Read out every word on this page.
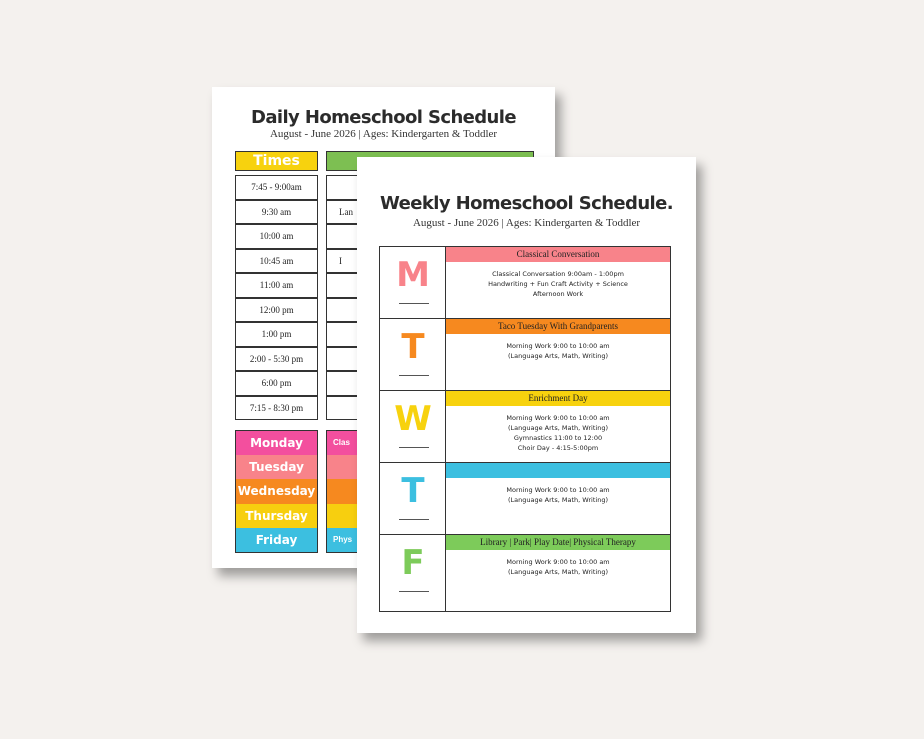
Daily Homeschool Schedule
August - June 2026 | Ages: Kindergarten & Toddler
Times
7:45 - 9:00am
9:30 am
10:00 am
10:45 am
11:00 am
12:00 pm
1:00 pm
2:00 - 5:30 pm
6:00 pm
7:15 - 8:30 pm
Lan
I
Monday
Tuesday
Wednesday
Thursday
Friday
Clas
Phys
Weekly Homeschool Schedule.
August - June 2026 | Ages: Kindergarten & Toddler
M
Classical Conversation
Classical Conversation 9:00am - 1:00pm
Handwriting + Fun Craft Activity + Science
Afternoon Work
T
Taco Tuesday With Grandparents
Morning Work 9:00 to 10:00 am
(Language Arts, Math, Writing)
W
Enrichment Day
Morning Work 9:00 to 10:00 am
(Language Arts, Math, Writing)
Gymnastics 11:00 to 12:00
Choir Day - 4:15-5:00pm
T	Morning Work 9:00 to 10:00 am
(Language Arts, Math, Writing)
F
Library | Park| Play Date| Physical Therapy
Morning Work 9:00 to 10:00 am
(Language Arts, Math, Writing)
